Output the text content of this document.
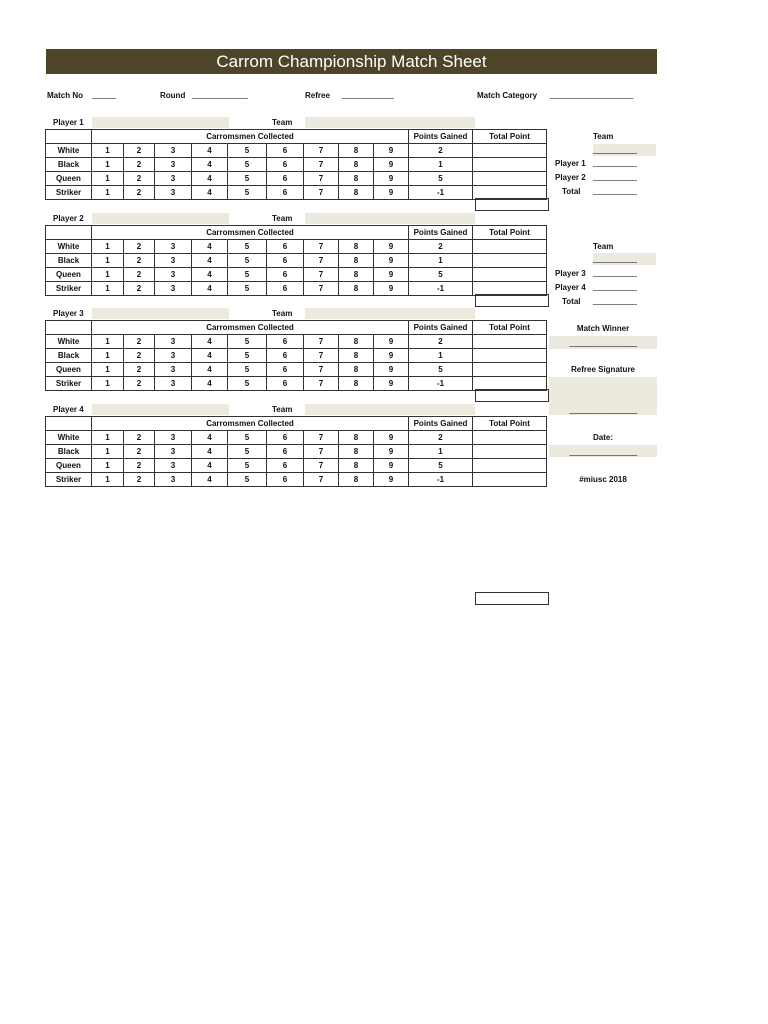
Carrom Championship Match Sheet
Match No ______	Round ______________	Refree _____________	Match Category _____________________
Player 1	Team
	Carromsmen Collected									Points Gained	Total Point
White	1	2	3	4	5	6	7	8	9	2	
Black	1	2	3	4	5	6	7	8	9	1	
Queen	1	2	3	4	5	6	7	8	9	5	
Striker	1	2	3	4	5	6	7	8	9	-1	
Player 2	Team
	Carromsmen Collected									Points Gained	Total Point
White	1	2	3	4	5	6	7	8	9	2	
Black	1	2	3	4	5	6	7	8	9	1	
Queen	1	2	3	4	5	6	7	8	9	5	
Striker	1	2	3	4	5	6	7	8	9	-1	
Player 3	Team
	Carromsmen Collected									Points Gained	Total Point
White	1	2	3	4	5	6	7	8	9	2	
Black	1	2	3	4	5	6	7	8	9	1	
Queen	1	2	3	4	5	6	7	8	9	5	
Striker	1	2	3	4	5	6	7	8	9	-1	
Player 4	Team
	Carromsmen Collected									Points Gained	Total Point
White	1	2	3	4	5	6	7	8	9	2	
Black	1	2	3	4	5	6	7	8	9	1	
Queen	1	2	3	4	5	6	7	8	9	5	
Striker	1	2	3	4	5	6	7	8	9	-1	
Team
___________
Player 1 ___________
Player 2 ___________
Total ___________
Team
___________
Player 3 ___________
Player 4 ___________
Total ___________
Match Winner
_________________
Refree Signature
_________________
Date:
_________________
#miusc 2018
